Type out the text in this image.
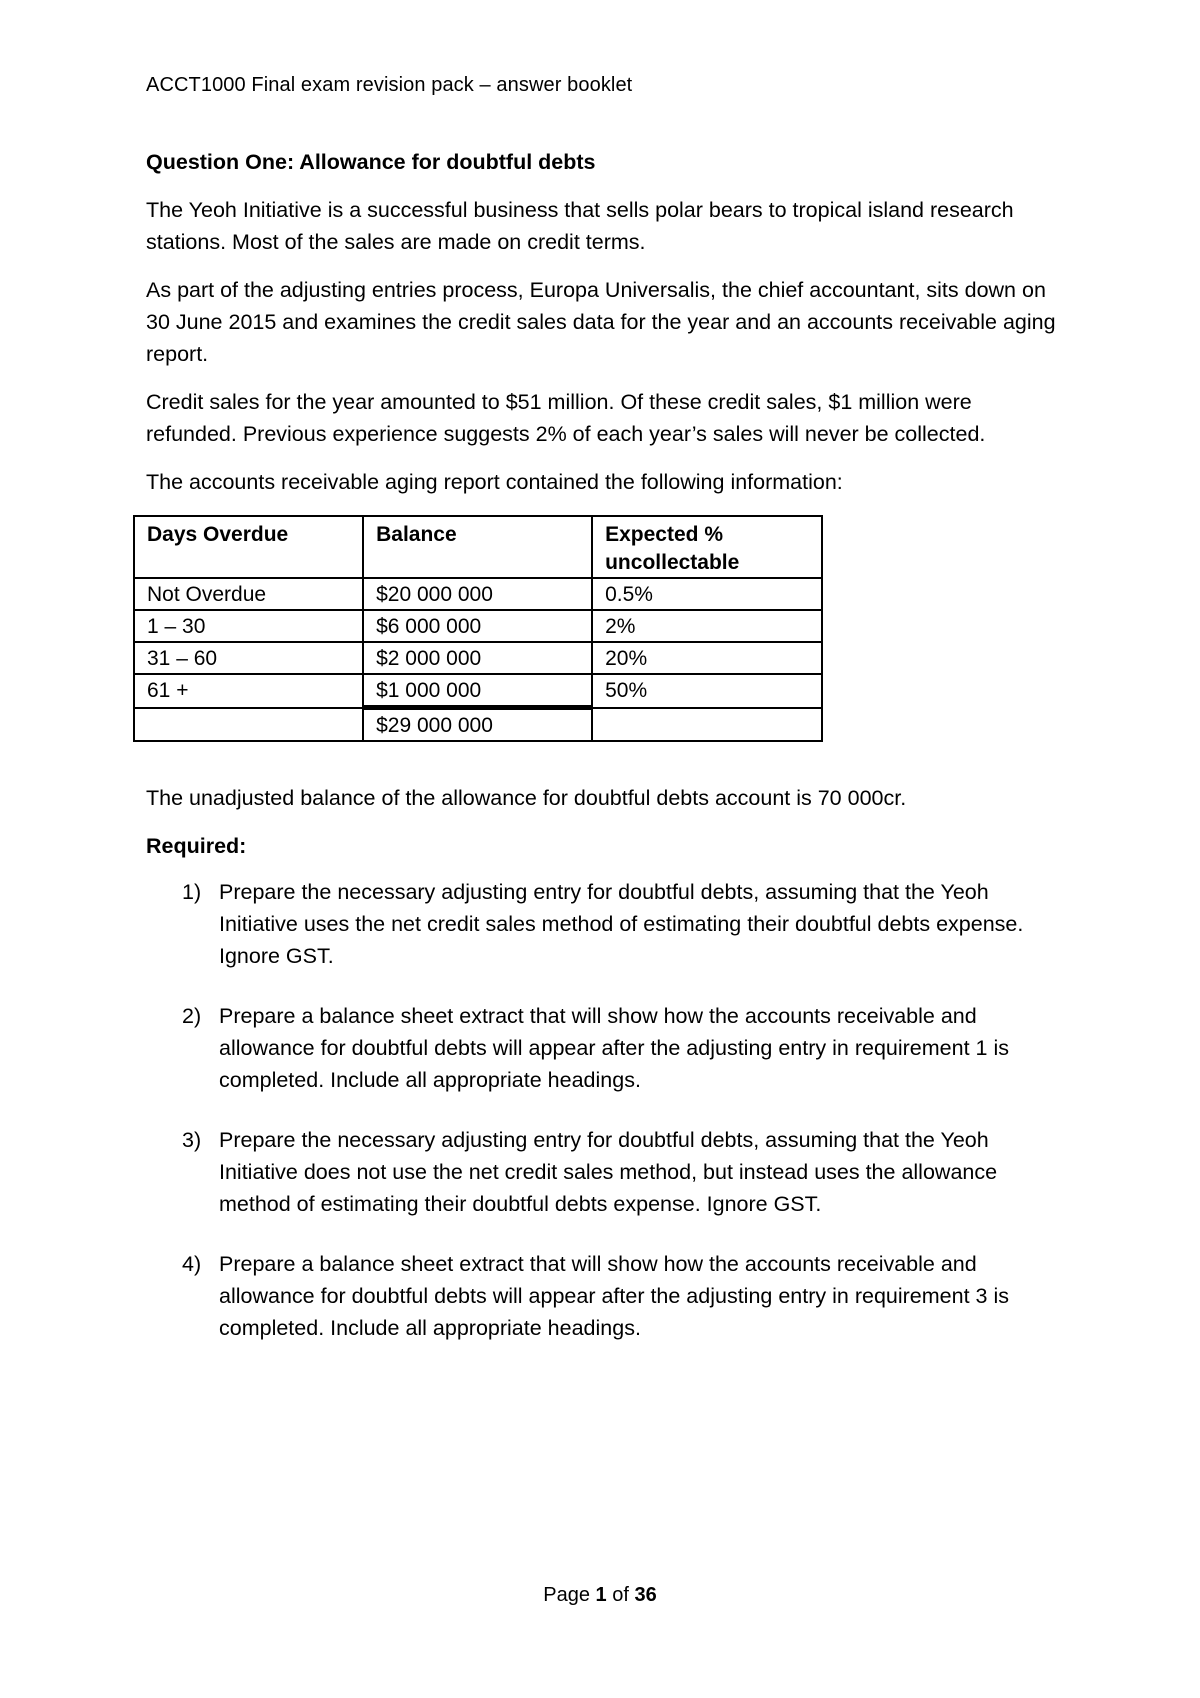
ACCT1000 Final exam revision pack – answer booklet
Question One: Allowance for doubtful debts

The Yeoh Initiative is a successful business that sells polar bears to tropical island research stations. Most of the sales are made on credit terms.

As part of the adjusting entries process, Europa Universalis, the chief accountant, sits down on 30 June 2015 and examines the credit sales data for the year and an accounts receivable aging report.

Credit sales for the year amounted to $51 million. Of these credit sales, $1 million were refunded. Previous experience suggests 2% of each year’s sales will never be collected.

The accounts receivable aging report contained the following information:

Days Overdue	Balance	Expected % uncollectable
Not Overdue	$20 000 000	0.5%
1 – 30	$6 000 000	2%
31 – 60	$2 000 000	20%
61 +	$1 000 000	50%
	$29 000 000	

The unadjusted balance of the allowance for doubtful debts account is 70 000cr.

Required:
1) Prepare the necessary adjusting entry for doubtful debts, assuming that the Yeoh Initiative uses the net credit sales method of estimating their doubtful debts expense. Ignore GST.
2) Prepare a balance sheet extract that will show how the accounts receivable and allowance for doubtful debts will appear after the adjusting entry in requirement 1 is completed. Include all appropriate headings.
3) Prepare the necessary adjusting entry for doubtful debts, assuming that the Yeoh Initiative does not use the net credit sales method, but instead uses the allowance method of estimating their doubtful debts expense. Ignore GST.
4) Prepare a balance sheet extract that will show how the accounts receivable and allowance for doubtful debts will appear after the adjusting entry in requirement 3 is completed. Include all appropriate headings.
Page 1 of 36
